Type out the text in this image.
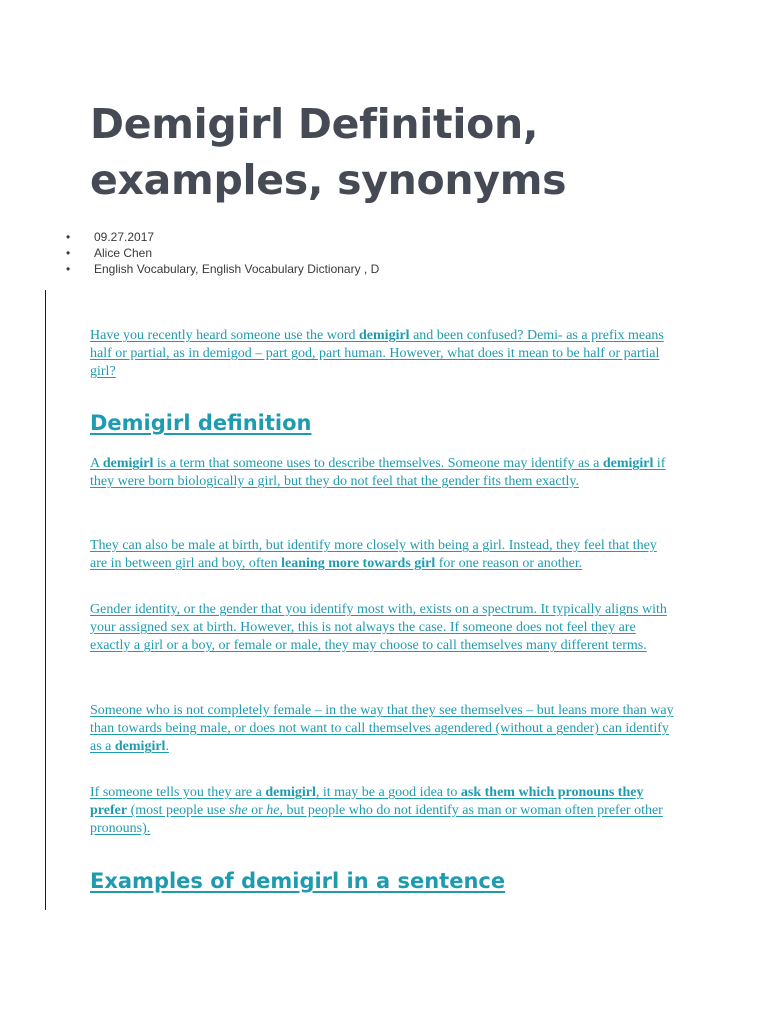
Demigirl Definition,
examples, synonyms
• 09.27.2017
• Alice Chen
• English Vocabulary, English Vocabulary Dictionary , D

Have you recently heard someone use the word demigirl and been confused? Demi- as a prefix means half or partial, as in demigod – part god, part human. However, what does it mean to be half or partial girl?

Demigirl definition

A demigirl is a term that someone uses to describe themselves. Someone may identify as a demigirl if they were born biologically a girl, but they do not feel that the gender fits them exactly.

They can also be male at birth, but identify more closely with being a girl. Instead, they feel that they are in between girl and boy, often leaning more towards girl for one reason or another.

Gender identity, or the gender that you identify most with, exists on a spectrum. It typically aligns with your assigned sex at birth. However, this is not always the case. If someone does not feel they are exactly a girl or a boy, or female or male, they may choose to call themselves many different terms.

Someone who is not completely female – in the way that they see themselves – but leans more than way than towards being male, or does not want to call themselves agendered (without a gender) can identify as a demigirl.

If someone tells you they are a demigirl, it may be a good idea to ask them which pronouns they prefer (most people use she or he, but people who do not identify as man or woman often prefer other pronouns).

Examples of demigirl in a sentence
